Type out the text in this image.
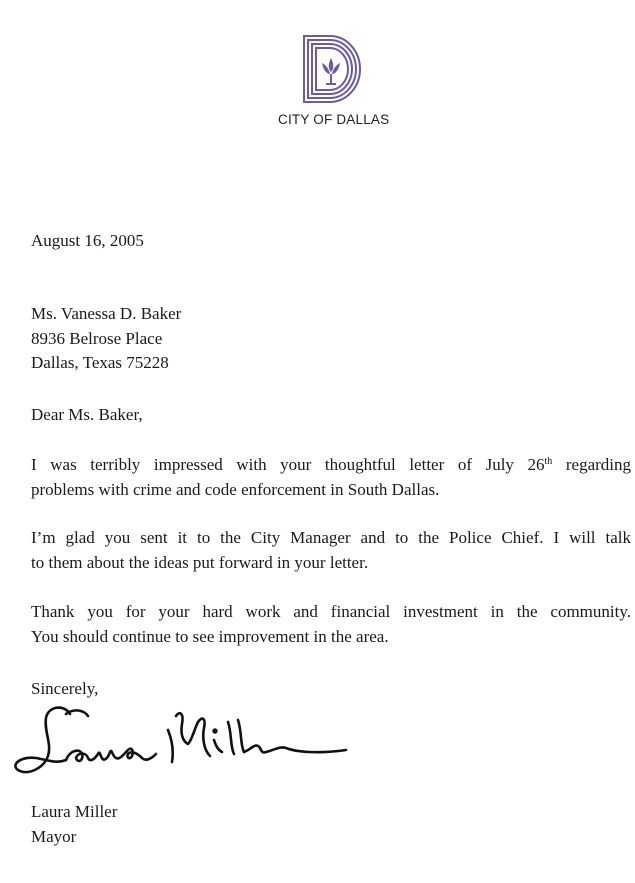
CITY OF DALLAS
August 16, 2005
Ms. Vanessa D. Baker
8936 Belrose Place
Dallas, Texas 75228
Dear Ms. Baker,
I was terribly impressed with your thoughtful letter of July 26th regarding
problems with crime and code enforcement in South Dallas.
I’m glad you sent it to the City Manager and to the Police Chief. I will talk
to them about the ideas put forward in your letter.
Thank you for your hard work and financial investment in the community.
You should continue to see improvement in the area.
Sincerely,
Laura Miller
Mayor
